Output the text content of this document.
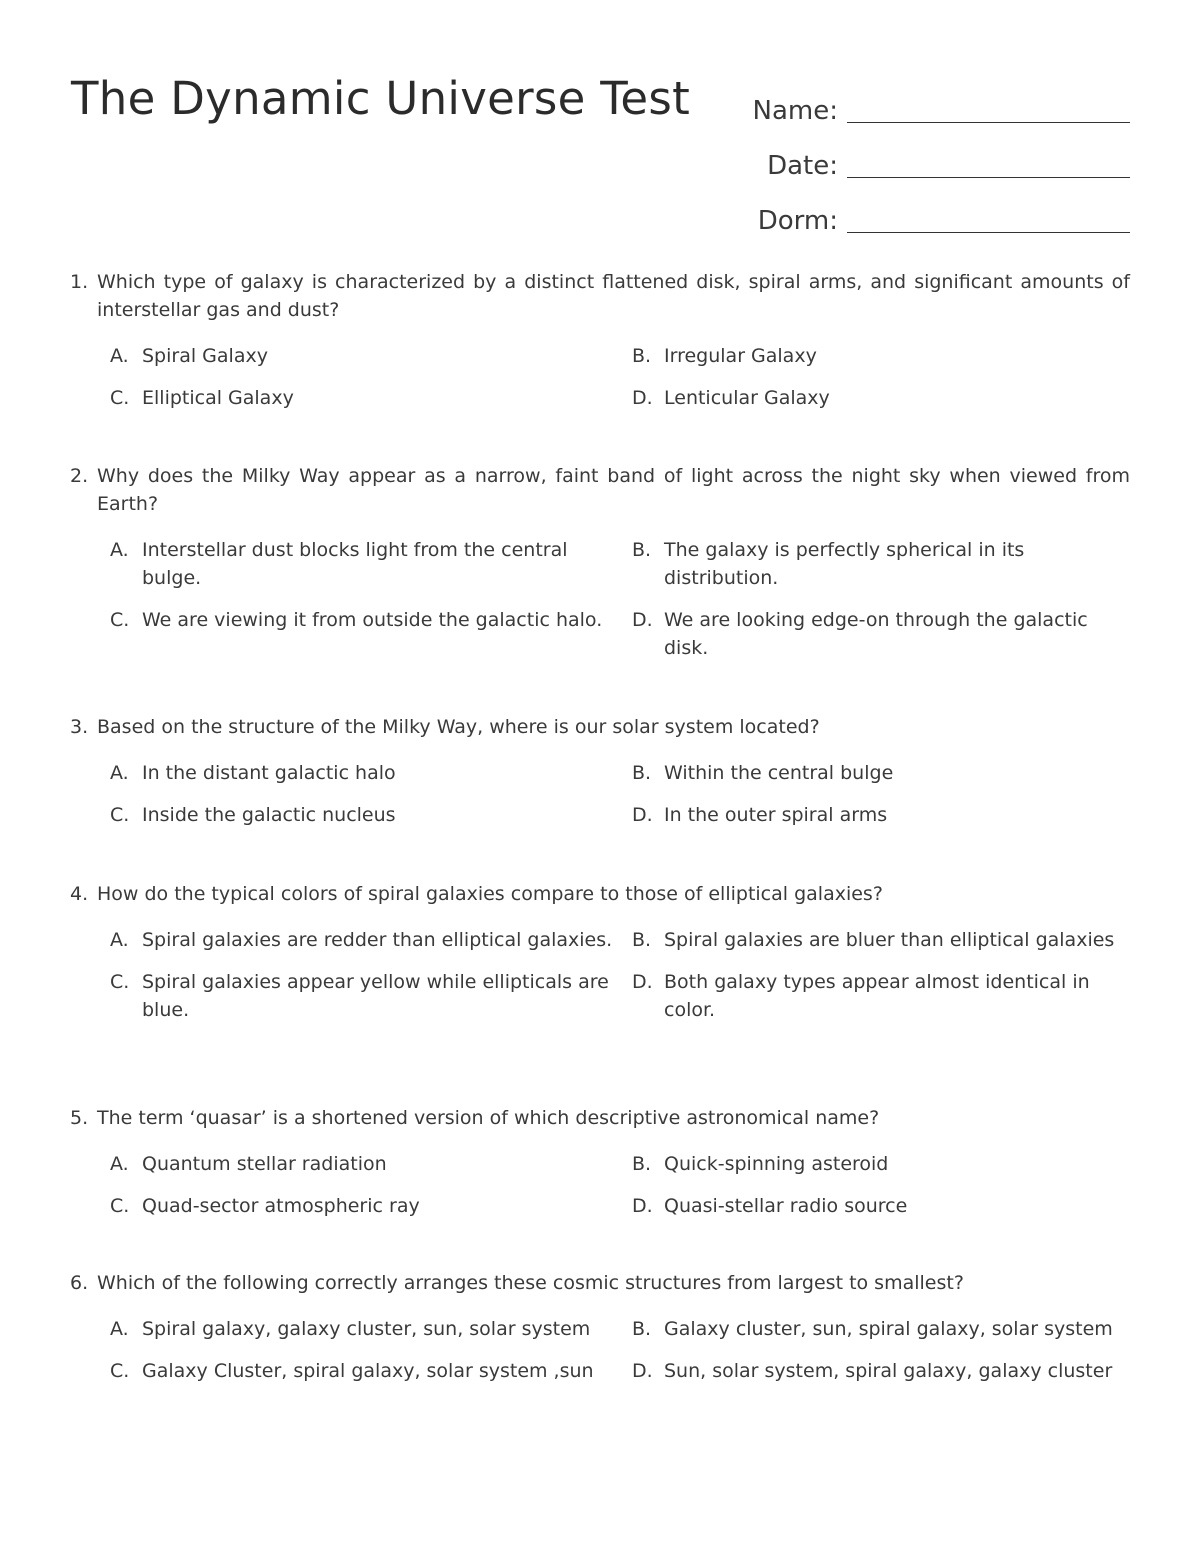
The Dynamic Universe Test	Name:
Date:
Dorm:
1. Which type of galaxy is characterized by a distinct flattened disk, spiral arms, and significant amounts of interstellar gas and dust?
A. Spiral Galaxy	B. Irregular Galaxy
C. Elliptical Galaxy	D. Lenticular Galaxy
2. Why does the Milky Way appear as a narrow, faint band of light across the night sky when viewed from Earth?
A. Interstellar dust blocks light from the central bulge.
B. The galaxy is perfectly spherical in its distribution.
C. We are viewing it from outside the galactic halo.	D. We are looking edge-on through the galactic disk.
3. Based on the structure of the Milky Way, where is our solar system located?
A. In the distant galactic halo	B. Within the central bulge
C. Inside the galactic nucleus	D. In the outer spiral arms
4. How do the typical colors of spiral galaxies compare to those of elliptical galaxies?
A. Spiral galaxies are redder than elliptical galaxies.	B. Spiral galaxies are bluer than elliptical galaxies
C. Spiral galaxies appear yellow while ellipticals are blue.
D. Both galaxy types appear almost identical in color.
5. The term ‘quasar’ is a shortened version of which descriptive astronomical name?
A. Quantum stellar radiation	B. Quick-spinning asteroid
C. Quad-sector atmospheric ray	D. Quasi-stellar radio source
6. Which of the following correctly arranges these cosmic structures from largest to smallest?
A. Spiral galaxy, galaxy cluster, sun, solar system	B. Galaxy cluster, sun, spiral galaxy, solar system
C. Galaxy Cluster, spiral galaxy, solar system ,sun	D. Sun, solar system, spiral galaxy, galaxy cluster
